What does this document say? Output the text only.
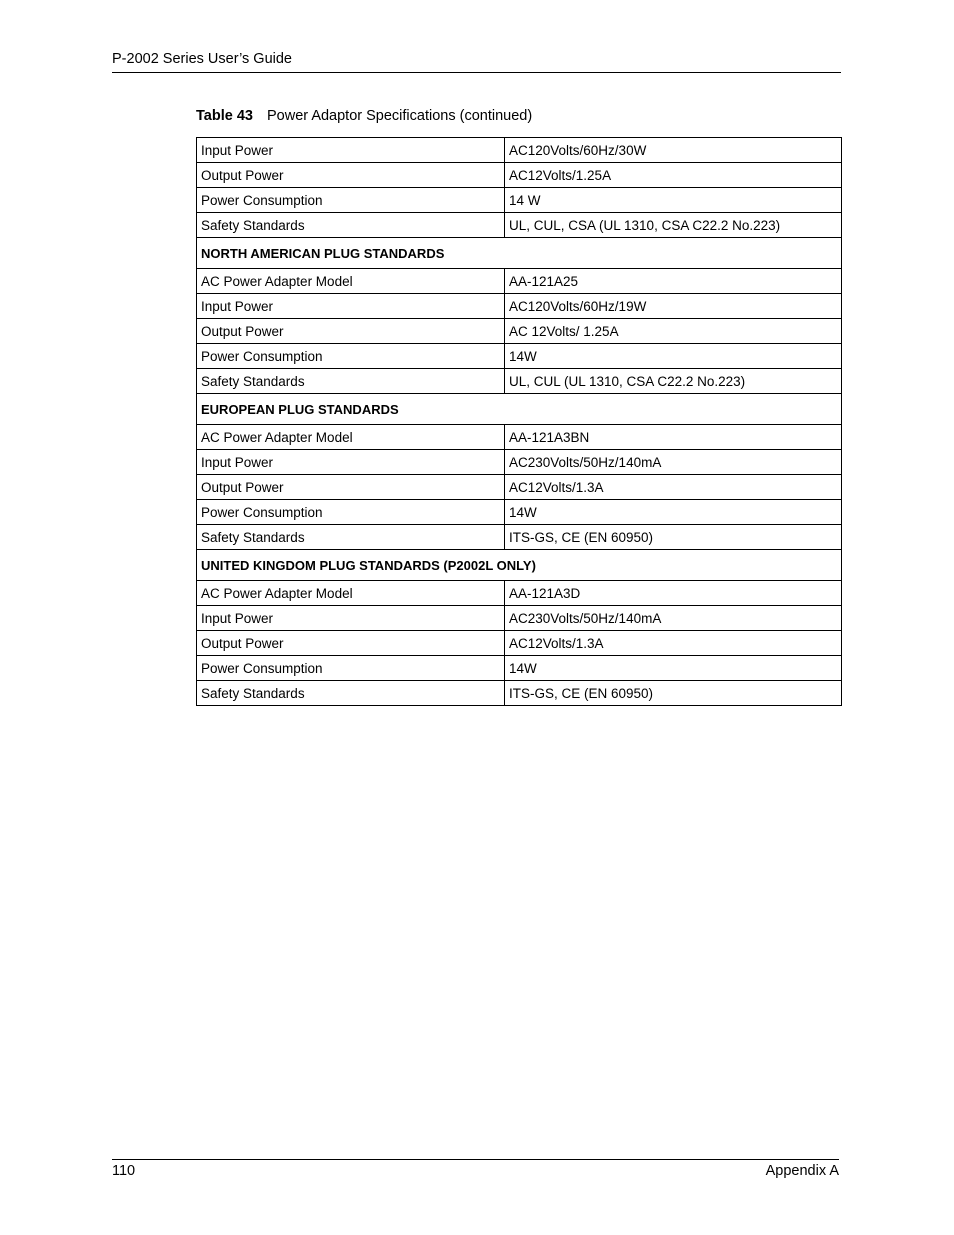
P-2002 Series User’s Guide
Table 43 Power Adaptor Specifications (continued)
Input Power	AC120Volts/60Hz/30W
Output Power	AC12Volts/1.25A
Power Consumption	14 W
Safety Standards	UL, CUL, CSA (UL 1310, CSA C22.2 No.223)
NORTH AMERICAN PLUG STANDARDS	
AC Power Adapter Model	AA-121A25
Input Power	AC120Volts/60Hz/19W
Output Power	AC 12Volts/ 1.25A
Power Consumption	14W
Safety Standards	UL, CUL (UL 1310, CSA C22.2 No.223)
EUROPEAN PLUG STANDARDS	
AC Power Adapter Model	AA-121A3BN
Input Power	AC230Volts/50Hz/140mA
Output Power	AC12Volts/1.3A
Power Consumption	14W
Safety Standards	ITS-GS, CE (EN 60950)
UNITED KINGDOM PLUG STANDARDS (P2002L ONLY)	
AC Power Adapter Model	AA-121A3D
Input Power	AC230Volts/50Hz/140mA
Output Power	AC12Volts/1.3A
Power Consumption	14W
Safety Standards	ITS-GS, CE (EN 60950)
110	Appendix A
